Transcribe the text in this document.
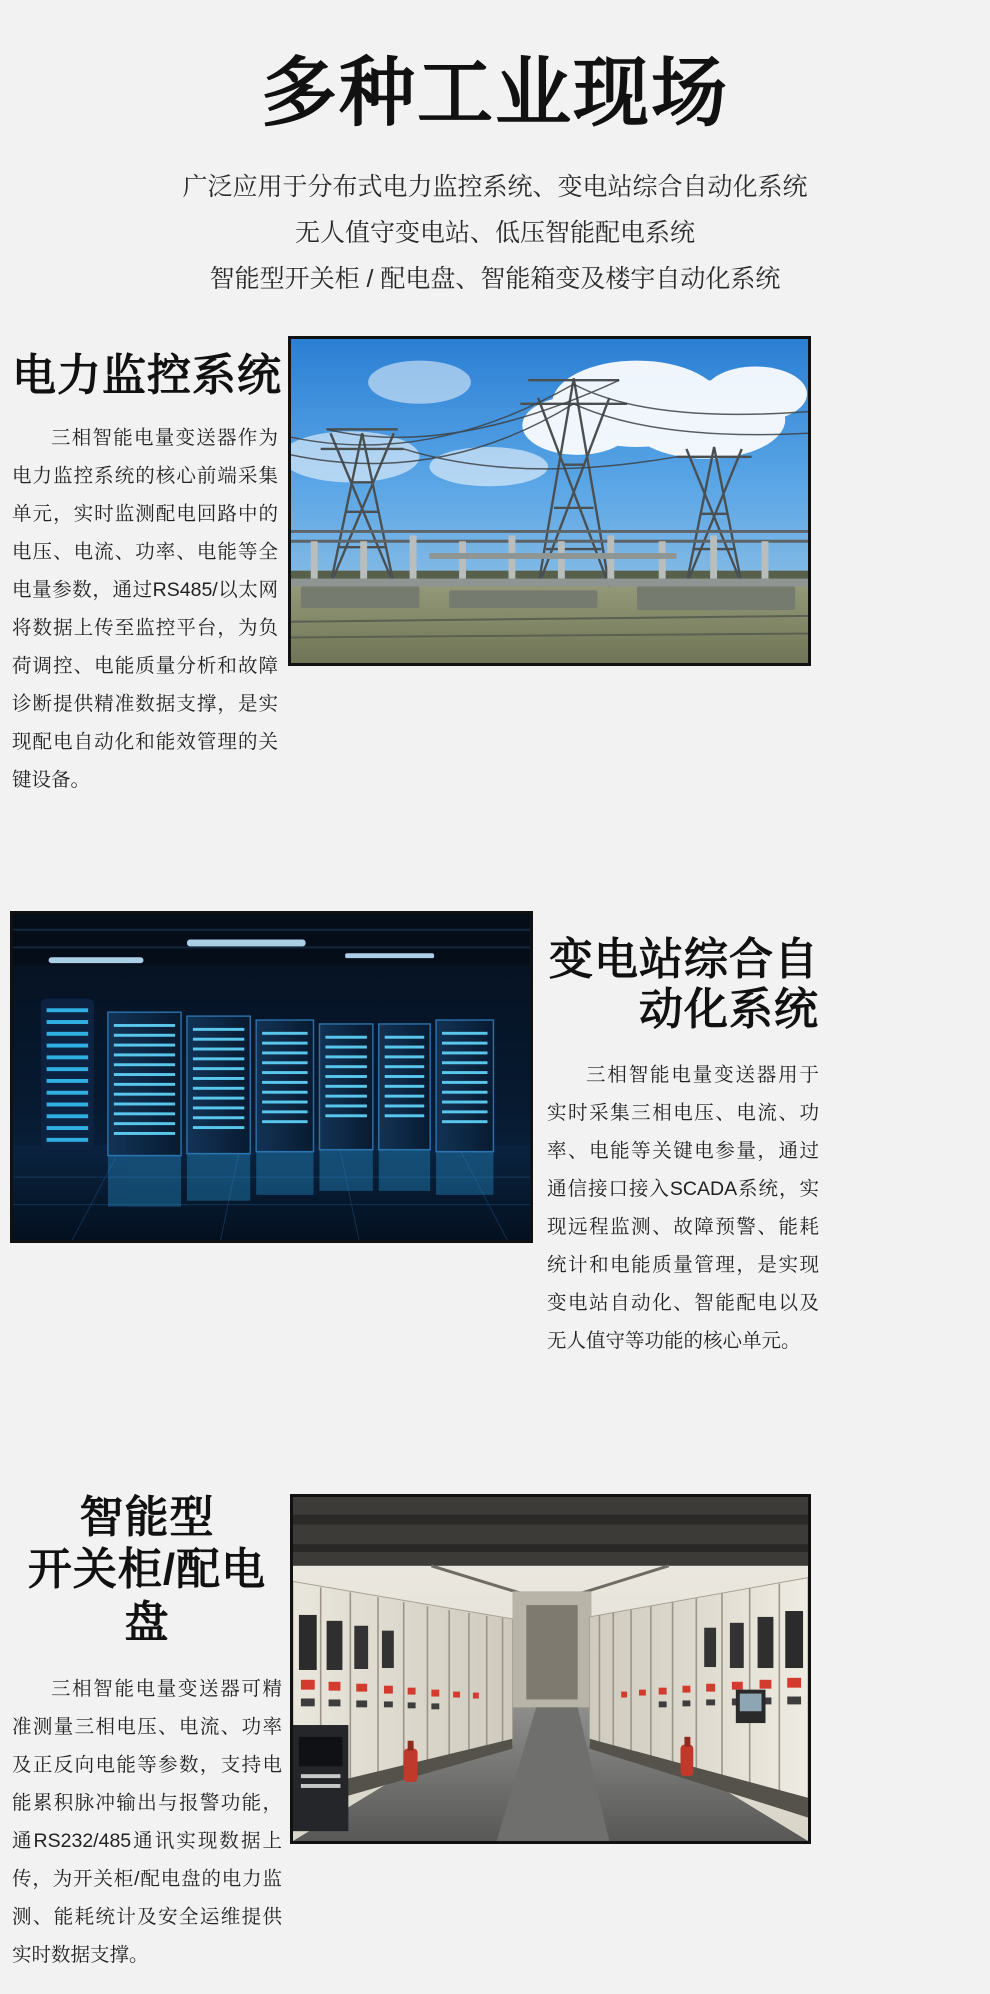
多种工业现场
广泛应用于分布式电力监控系统、变电站综合自动化系统
无人值守变电站、低压智能配电系统
智能型开关柜 / 配电盘、智能箱变及楼宇自动化系统
电力监控系统

三相智能电量变送器作为电力监控系统的核心前端采集单元，实时监测配电回路中的电压、电流、功率、电能等全电量参数，通过RS485/以太网将数据上传至监控平台，为负荷调控、电能质量分析和故障诊断提供精准数据支撑，是实现配电自动化和能效管理的关键设备。

变电站综合自动化系统

三相智能电量变送器用于实时采集三相电压、电流、功率、电能等关键电参量，通过通信接口接入SCADA系统，实现远程监测、故障预警、能耗统计和电能质量管理，是实现变电站自动化、智能配电以及无人值守等功能的核心单元。

智能型
开关柜/配电盘

三相智能电量变送器可精准测量三相电压、电流、功率及正反向电能等参数，支持电能累积脉冲输出与报警功能，通RS232/485通讯实现数据上传，为开关柜/配电盘的电力监测、能耗统计及安全运维提供实时数据支撑。
